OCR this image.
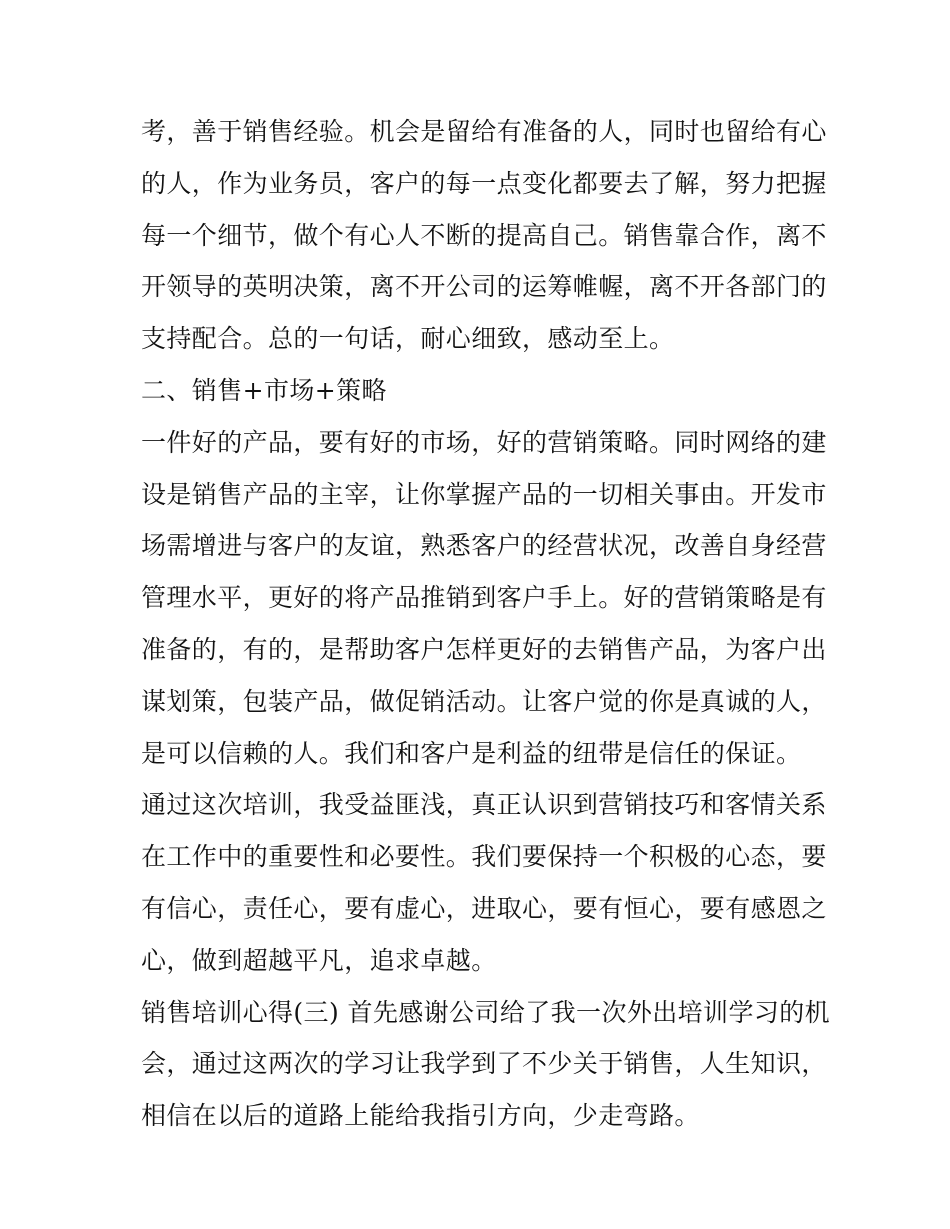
考，善于销售经验。机会是留给有准备的人，同时也留给有心
的人，作为业务员，客户的每一点变化都要去了解，努力把握
每一个细节，做个有心人不断的提高自己。销售靠合作，离不
开领导的英明决策，离不开公司的运筹帷幄，离不开各部门的
支持配合。总的一句话，耐心细致，感动至上。

二、销售+市场+策略

一件好的产品，要有好的市场，好的营销策略。同时网络的建
设是销售产品的主宰，让你掌握产品的一切相关事由。开发市
场需增进与客户的友谊，熟悉客户的经营状况，改善自身经营
管理水平，更好的将产品推销到客户手上。好的营销策略是有
准备的，有的，是帮助客户怎样更好的去销售产品，为客户出
谋划策，包装产品，做促销活动。让客户觉的你是真诚的人，
是可以信赖的人。我们和客户是利益的纽带是信任的保证。

通过这次培训，我受益匪浅，真正认识到营销技巧和客情关系
在工作中的重要性和必要性。我们要保持一个积极的心态，要
有信心，责任心，要有虚心，进取心，要有恒心，要有感恩之
心，做到超越平凡，追求卓越。

销售培训心得(三) 首先感谢公司给了我一次外出培训学习的机
会，通过这两次的学习让我学到了不少关于销售，人生知识，
相信在以后的道路上能给我指引方向，少走弯路。
